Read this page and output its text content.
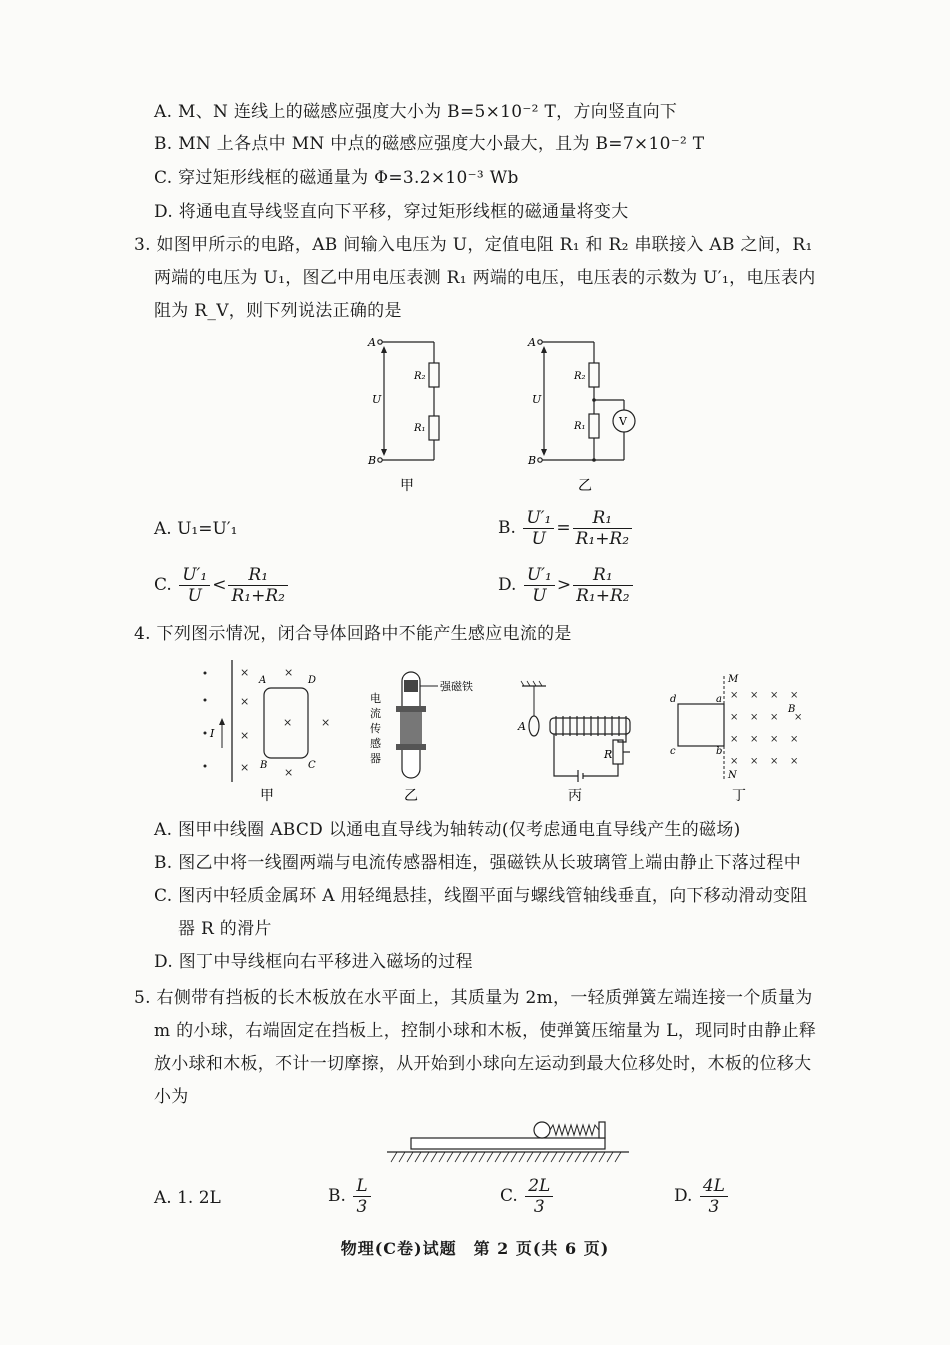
A. M、N 连线上的磁感应强度大小为 B=5×10⁻² T，方向竖直向下
B. MN 上各点中 MN 中点的磁感应强度大小最大，且为 B=7×10⁻² T
C. 穿过矩形线框的磁通量为 Φ=3.2×10⁻³ Wb
D. 将通电直导线竖直向下平移，穿过矩形线框的磁通量将变大
3. 如图甲所示的电路，AB 间输入电压为 U，定值电阻 R₁ 和 R₂ 串联接入 AB 之间，R₁
两端的电压为 U₁，图乙中用电压表测 R₁ 两端的电压，电压表的示数为 U′₁，电压表内
阻为 R_V，则下列说法正确的是
A
B
U
R₂
R₁
甲
A
B
U
R₂
R₁	V
乙
A. U₁=U′₁	B. $\frac{\text{U′₁}}{U} = \frac{\text{R₁}}{\text{R₁+R₂}}$
C. $\frac{\text{U′₁}}{U} < \frac{\text{R₁}}{\text{R₁+R₂}}$	D. $\frac{\text{U′₁}}{U} > \frac{\text{R₁}}{\text{R₁+R₂}}$
4. 下列图示情况，闭合导体回路中不能产生感应电流的是
×	×
×
×
×	×
×	×
I
A
B	C
D
甲
强磁铁
电
流
传
感
器
乙
A
R
丙
M
N
a
b
c
d
B
× × × ×
× × × ×
× × × ×
× × × ×
丁
A. 图甲中线圈 ABCD 以通电直导线为轴转动(仅考虑通电直导线产生的磁场)
B. 图乙中将一线圈两端与电流传感器相连，强磁铁从长玻璃管上端由静止下落过程中
C. 图丙中轻质金属环 A 用轻绳悬挂，线圈平面与螺线管轴线垂直，向下移动滑动变阻
器 R 的滑片
D. 图丁中导线框向右平移进入磁场的过程
5. 右侧带有挡板的长木板放在水平面上，其质量为 2m，一轻质弹簧左端连接一个质量为
m 的小球，右端固定在挡板上，控制小球和木板，使弹簧压缩量为 L，现同时由静止释
放小球和木板，不计一切摩擦，从开始到小球向左运动到最大位移处时，木板的位移大
小为
A. 1. 2L	B. $\frac{L}{3}$	C. $\frac{2L}{3}$	D. $\frac{4L}{3}$
物理(C卷)试题　第 2 页(共 6 页)
